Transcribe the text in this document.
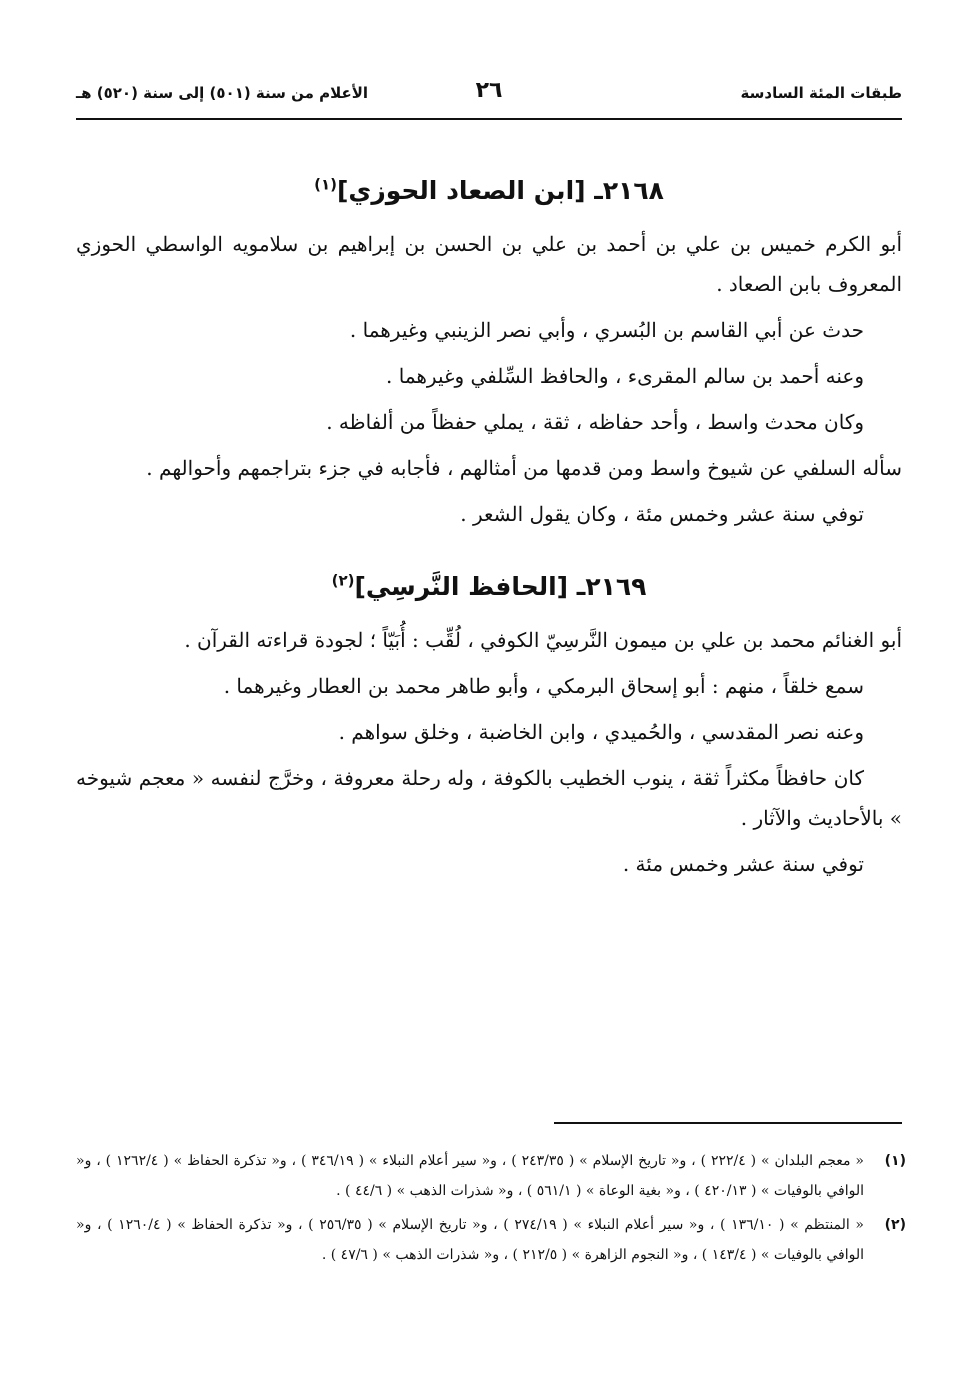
طبقات المئة السادسة
٢٦
الأعلام من سنة (٥٠١) إلى سنة (٥٢٠) هـ
٢١٦٨ـ [ابن الصعاد الحوزي]$^{(١)}$

أبو الكرم خميس بن علي بن أحمد بن علي بن الحسن بن إبراهيم بن سلامويه الواسطي الحوزي المعروف بابن الصعاد .

حدث عن أبي القاسم بن البُسري ، وأبي نصر الزينبي وغيرهما .

وعنه أحمد بن سالم المقرىء ، والحافظ السِّلفي وغيرهما .

وكان محدث واسط ، وأحد حفاظه ، ثقة ، يملي حفظاً من ألفاظه .

سأله السلفي عن شيوخ واسط ومن قدمها من أمثالهم ، فأجابه في جزء بتراجمهم وأحوالهم .

توفي سنة عشر وخمس مئة ، وكان يقول الشعر .

٢١٦٩ـ [الحافظ النَّرسِي]$^{(٢)}$

أبو الغنائم محمد بن علي بن ميمون النَّرسِيّ الكوفي ، لُقِّب : أُبَيّاً ؛ لجودة قراءته القرآن .

سمع خلقاً ، منهم : أبو إسحاق البرمكي ، وأبو طاهر محمد بن العطار وغيرهما .

وعنه نصر المقدسي ، والحُميدي ، وابن الخاضبة ، وخلق سواهم .

كان حافظاً مكثراً ثقة ، ينوب الخطيب بالكوفة ، وله رحلة معروفة ، وخرَّج لنفسه « معجم شيوخه » بالأحاديث والآثار .

توفي سنة عشر وخمس مئة .

(١)
« معجم البلدان » ( ٢٢٢/٤ ) ، و« تاريخ الإسلام » ( ٢٤٣/٣٥ ) ، و« سير أعلام النبلاء » ( ٣٤٦/١٩ ) ، و« تذكرة الحفاظ » ( ١٢٦٢/٤ ) ، و« الوافي بالوفيات » ( ٤٢٠/١٣ ) ، و« بغية الوعاة » ( ٥٦١/١ ) ، و« شذرات الذهب » ( ٤٤/٦ ) .
(٢)
« المنتظم » ( ١٣٦/١٠ ) ، و« سير أعلام النبلاء » ( ٢٧٤/١٩ ) ، و« تاريخ الإسلام » ( ٢٥٦/٣٥ ) ، و« تذكرة الحفاظ » ( ١٢٦٠/٤ ) ، و« الوافي بالوفيات » ( ١٤٣/٤ ) ، و« النجوم الزاهرة » ( ٢١٢/٥ ) ، و« شذرات الذهب » ( ٤٧/٦ ) .
